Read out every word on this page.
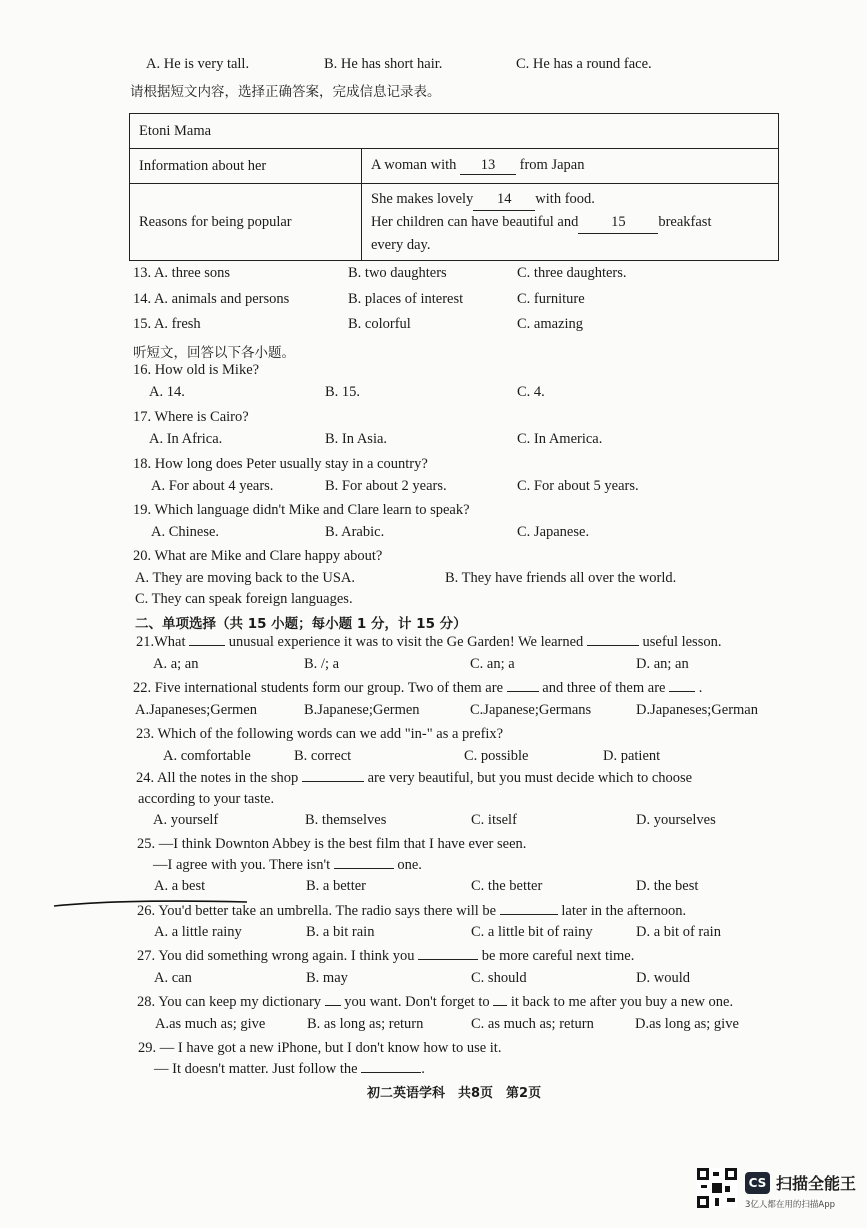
A. He is very tall.	B. He has short hair.	C. He has a round face.
请根据短文内容，选择正确答案，完成信息记录表。
Etoni Mama	
Information about her	A woman with 13 from Japan
Reasons for being popular	She makes lovely 14 with food.
Her children can have beautiful and 15 breakfast
every day.
13. A. three sons	B. two daughters	C. three daughters.
14. A. animals and persons	B. places of interest	C. furniture
15. A. fresh	B. colorful	C. amazing
听短文，回答以下各小题。
16. How old is Mike?
A. 14.	B. 15.	C. 4.
17. Where is Cairo?
A. In Africa.	B. In Asia.	C. In America.
18. How long does Peter usually stay in a country?
A. For about 4 years.	B. For about 2 years.	C. For about 5 years.
19. Which language didn't Mike and Clare learn to speak?
A. Chinese.	B. Arabic.	C. Japanese.
20. What are Mike and Clare happy about?
A. They are moving back to the USA.	B. They have friends all over the world.
C. They can speak foreign languages.
二、单项选择（共 15 小题；每小题 1 分，计 15 分）
21.What	unusual experience it was to visit the Ge Garden! We learned	useful lesson.
A. a; an	B. /; a	C. an; a	D. an; an
22. Five international students form our group. Two of them are	and three of them are .
A.Japaneses;Germen	B.Japanese;Germen	C.Japanese;Germans	D.Japaneses;German
23. Which of the following words can we add "in-" as a prefix?
A. comfortable	B. correct	C. possible	D. patient
24. All the notes in the shop	are very beautiful, but you must decide which to choose
according to your taste.
A. yourself	B. themselves	C. itself	D. yourselves
25. —I think Downton Abbey is the best film that I have ever seen.
—I agree with you. There isn't	one.
A. a best	B. a better	C. the better	D. the best
26. You'd better take an umbrella. The radio says there will be	later in the afternoon.
A. a little rainy	B. a bit rain	C. a little bit of rainy	D. a bit of rain
27. You did something wrong again. I think you	be more careful next time.
A. can	B. may	C. should	D. would
28. You can keep my dictionary you want. Don't forget to it back to me after you buy a new one.
A.as much as; give	B. as long as; return	C. as much as; return	D.as long as; give
29. — I have got a new iPhone, but I don't know how to use it.
— It doesn't matter. Just follow the	.
初二英语学科　共8页　第2页
CS 扫描全能王
3亿人都在用的扫描App
